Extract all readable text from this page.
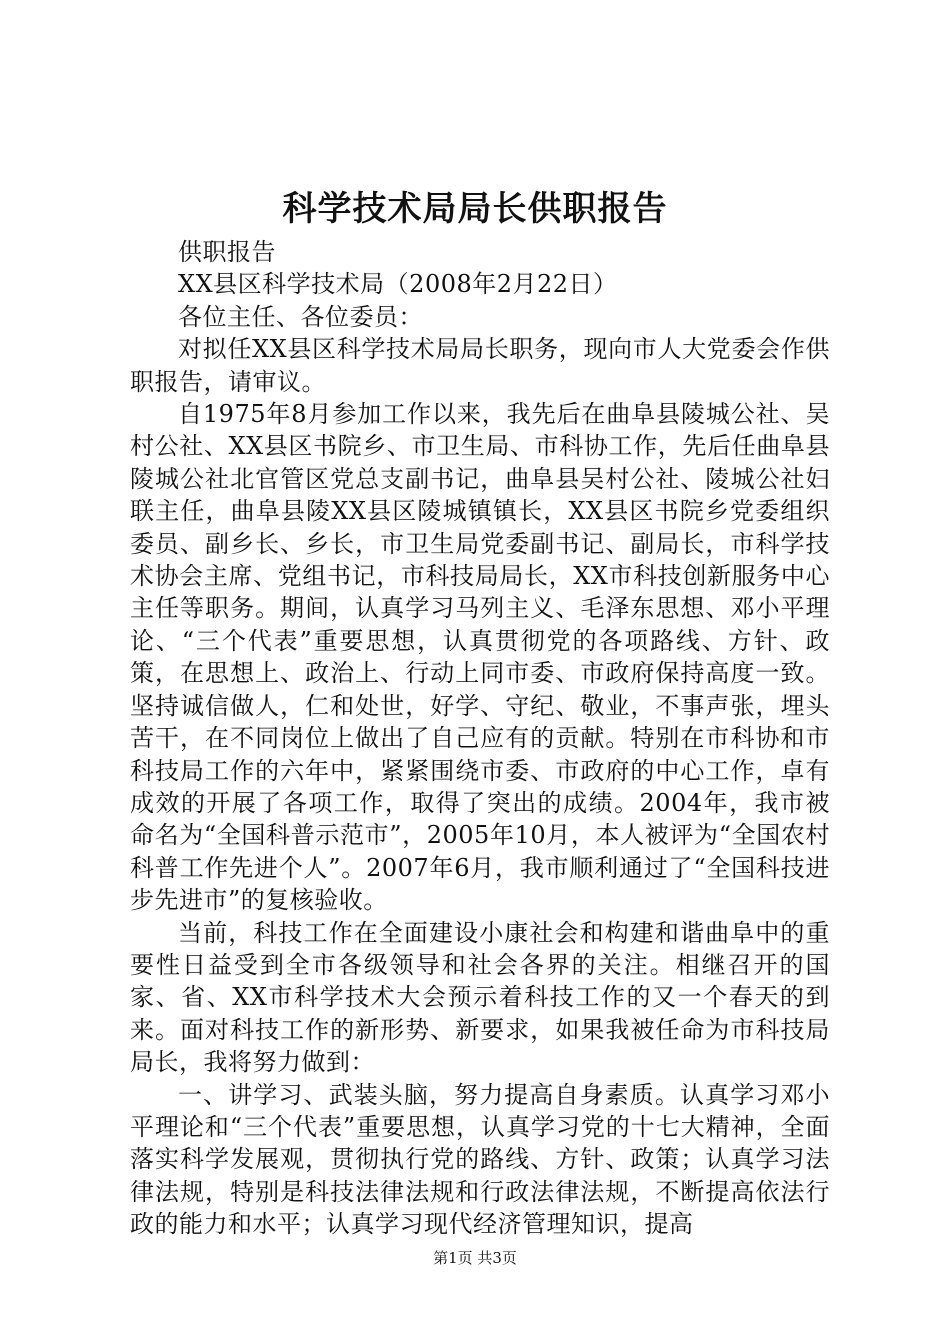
科学技术局局长供职报告

供职报告

XX县区科学技术局（2008年2月22日）

各位主任、各位委员：

对拟任XX县区科学技术局局长职务，现向市人大党委会作供职报告，请审议。

自1975年8月参加工作以来，我先后在曲阜县陵城公社、吴村公社、XX县区书院乡、市卫生局、市科协工作，先后任曲阜县陵城公社北官管区党总支副书记，曲阜县吴村公社、陵城公社妇联主任，曲阜县陵XX县区陵城镇镇长，XX县区书院乡党委组织委员、副乡长、乡长，市卫生局党委副书记、副局长，市科学技术协会主席、党组书记，市科技局局长，XX市科技创新服务中心主任等职务。期间，认真学习马列主义、毛泽东思想、邓小平理论、“三个代表”重要思想，认真贯彻党的各项路线、方针、政策，在思想上、政治上、行动上同市委、市政府保持高度一致。坚持诚信做人，仁和处世，好学、守纪、敬业，不事声张，埋头苦干，在不同岗位上做出了自己应有的贡献。特别在市科协和市科技局工作的六年中，紧紧围绕市委、市政府的中心工作，卓有成效的开展了各项工作，取得了突出的成绩。2004年，我市被命名为“全国科普示范市”，2005年10月，本人被评为“全国农村科普工作先进个人”。2007年6月，我市顺利通过了“全国科技进步先进市”的复核验收。

当前，科技工作在全面建设小康社会和构建和谐曲阜中的重要性日益受到全市各级领导和社会各界的关注。相继召开的国家、省、XX市科学技术大会预示着科技工作的又一个春天的到来。面对科技工作的新形势、新要求，如果我被任命为市科技局局长，我将努力做到：

一、讲学习、武装头脑，努力提高自身素质。认真学习邓小平理论和“三个代表”重要思想，认真学习党的十七大精神，全面落实科学发展观，贯彻执行党的路线、方针、政策；认真学习法律法规，特别是科技法律法规和行政法律法规，不断提高依法行政的能力和水平；认真学习现代经济管理知识，提高

第1页 共3页
